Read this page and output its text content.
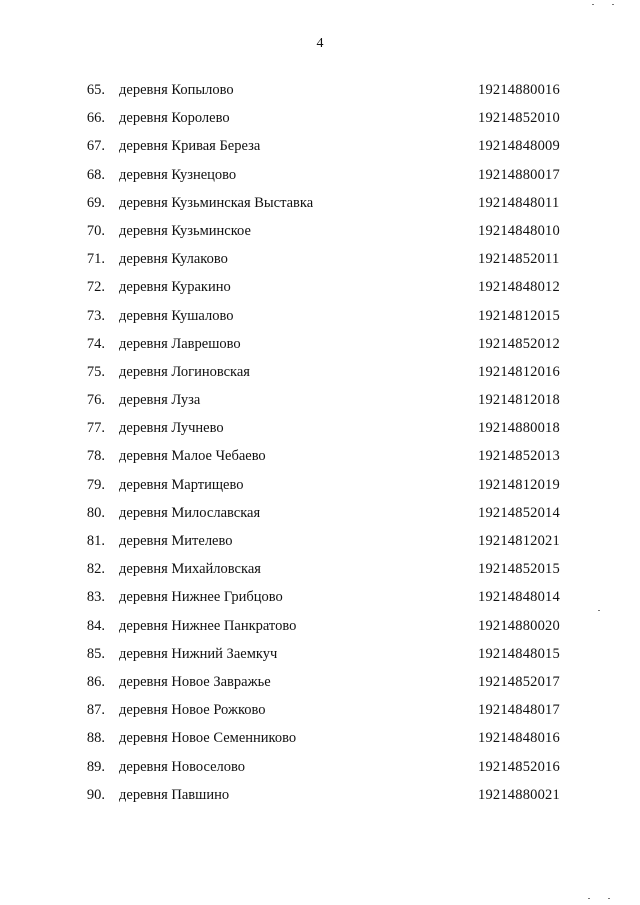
4
65. деревня Копылово	19214880016
66. деревня Королево	19214852010
67. деревня Кривая Береза	19214848009
68. деревня Кузнецово	19214880017
69. деревня Кузьминская Выставка	19214848011
70. деревня Кузьминское	19214848010
71. деревня Кулаково	19214852011
72. деревня Куракино	19214848012
73. деревня Кушалово	19214812015
74. деревня Лаврешово	19214852012
75. деревня Логиновская	19214812016
76. деревня Луза	19214812018
77. деревня Лучнево	19214880018
78. деревня Малое Чебаево	19214852013
79. деревня Мартищево	19214812019
80. деревня Милославская	19214852014
81. деревня Мителево	19214812021
82. деревня Михайловская	19214852015
83. деревня Нижнее Грибцово	19214848014
84. деревня Нижнее Панкратово	19214880020
85. деревня Нижний Заемкуч	19214848015
86. деревня Новое Завражье	19214852017
87. деревня Новое Рожково	19214848017
88. деревня Новое Семенниково	19214848016
89. деревня Новоселово	19214852016
90. деревня Павшино	19214880021
